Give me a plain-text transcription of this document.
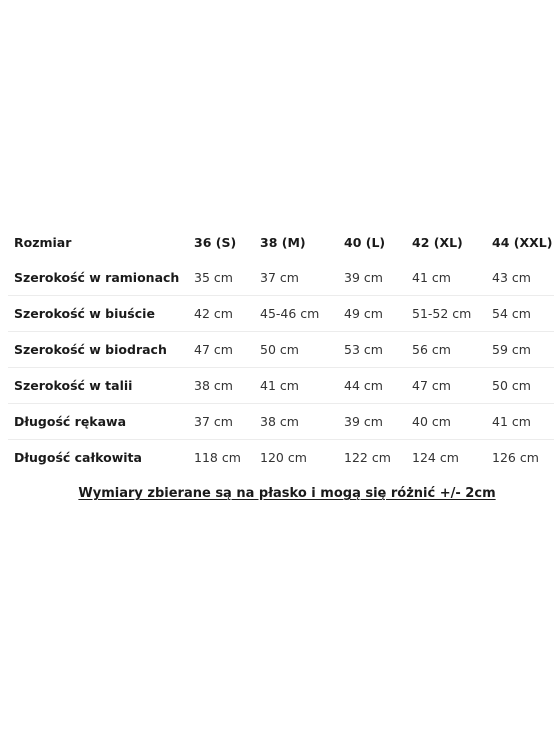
Rozmiar	36 (S)	38 (M)	40 (L)	42 (XL)	44 (XXL)
Szerokość w ramionach	35 cm	37 cm	39 cm	41 cm	43 cm
Szerokość w biuście	42 cm	45-46 cm	49 cm	51-52 cm	54 cm
Szerokość w biodrach	47 cm	50 cm	53 cm	56 cm	59 cm
Szerokość w talii	38 cm	41 cm	44 cm	47 cm	50 cm
Długość rękawa	37 cm	38 cm	39 cm	40 cm	41 cm
Długość całkowita	118 cm	120 cm	122 cm	124 cm	126 cm
Wymiary zbierane są na płasko i mogą się różnić +/- 2cm
